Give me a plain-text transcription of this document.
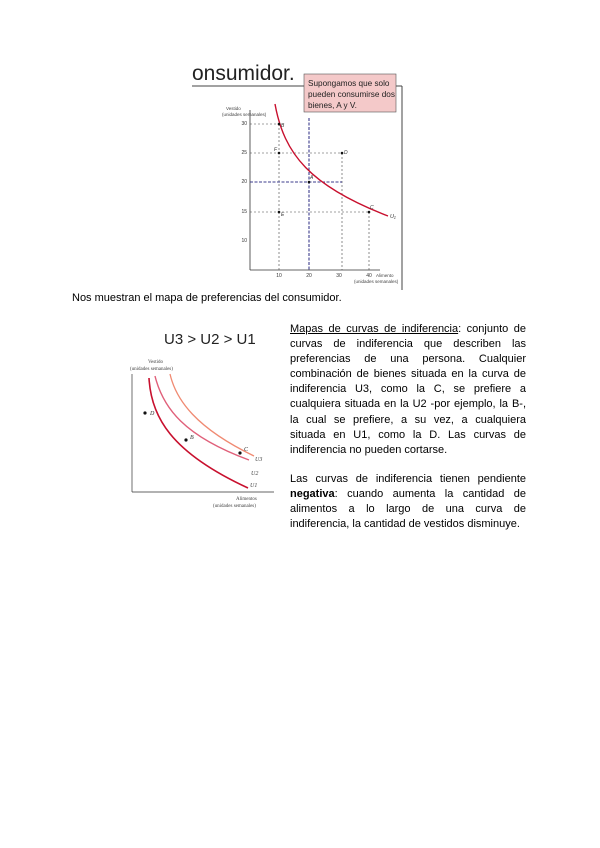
onsumidor. Supongamos que solo pueden consumirse dos bienes, A y V.
Vestido (unidades semanales)
30
25
20
15
10
10	20	30	40 Alimento (unidades semanales)
B
F
A
D
C
E	U₁
Nos muestran el mapa de preferencias del consumidor.
U3 > U2 > U1
Vestido (unidades semanales)
D
B
C
U3
U2
U1
Alimentos (unidades semanales)

Mapas de curvas de indiferencia: conjunto de curvas de indiferencia que describen las preferencias de una persona. Cualquier combinación de bienes situada en la curva de indiferencia U3, como la C, se prefiere a cualquiera situada en la U2 -por ejemplo, la B-, la cual se prefiere, a su vez, a cualquiera situada en U1, como la D. Las curvas de indiferencia no pueden cortarse.

Las curvas de indiferencia tienen pendiente negativa: cuando aumenta la cantidad de alimentos a lo largo de una curva de indiferencia, la cantidad de vestidos disminuye.
